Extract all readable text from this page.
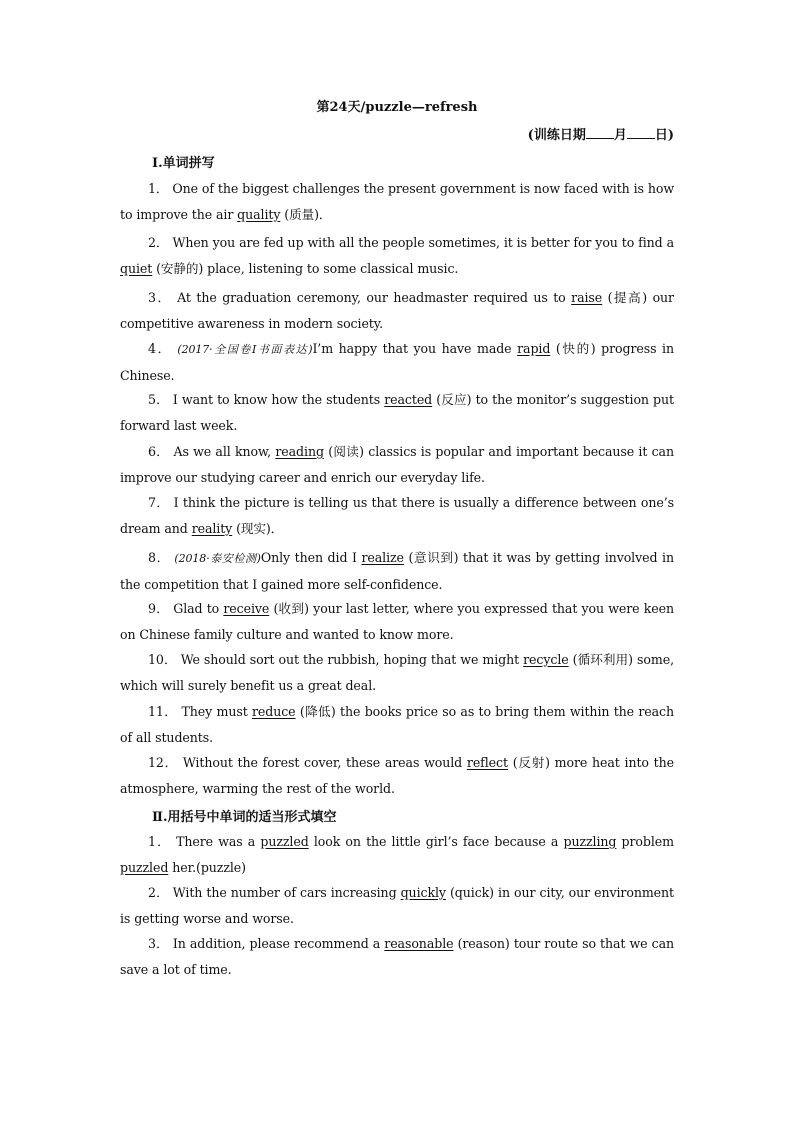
第24天/puzzle—refresh
(训练日期 月 日)
Ⅰ.单词拼写
1． One of the biggest challenges the present government is now faced with is how to improve the air quality (质量)．
2． When you are fed up with all the people sometimes, it is better for you to find a quiet (安静的) place, listening to some classical music.
3． At the graduation ceremony, our headmaster required us to raise (提高) our competitive awareness in modern society.
4． (2017·全国卷Ⅰ书面表达)I’m happy that you have made rapid (快的) progress in Chinese.
5． I want to know how the students reacted (反应) to the monitor’s suggestion put forward last week.
6． As we all know, reading (阅读) classics is popular and important because it can improve our studying career and enrich our everyday life.
7． I think the picture is telling us that there is usually a difference between one’s dream and reality (现实)．
8． (2018·泰安检测)Only then did I realize (意识到) that it was by getting involved in the competition that I gained more self-confidence.
9． Glad to receive (收到) your last letter, where you expressed that you were keen on Chinese family culture and wanted to know more.
10． We should sort out the rubbish, hoping that we might recycle (循环利用) some, which will surely benefit us a great deal.
11． They must reduce (降低) the books price so as to bring them within the reach of all students.
12． Without the forest cover, these areas would reflect (反射) more heat into the atmosphere, warming the rest of the world.
Ⅱ.用括号中单词的适当形式填空
1． There was a puzzled look on the little girl’s face because a puzzling problem puzzled her.(puzzle)
2． With the number of cars increasing quickly (quick) in our city, our environment is getting worse and worse.
3． In addition, please recommend a reasonable (reason) tour route so that we can save a lot of time.
